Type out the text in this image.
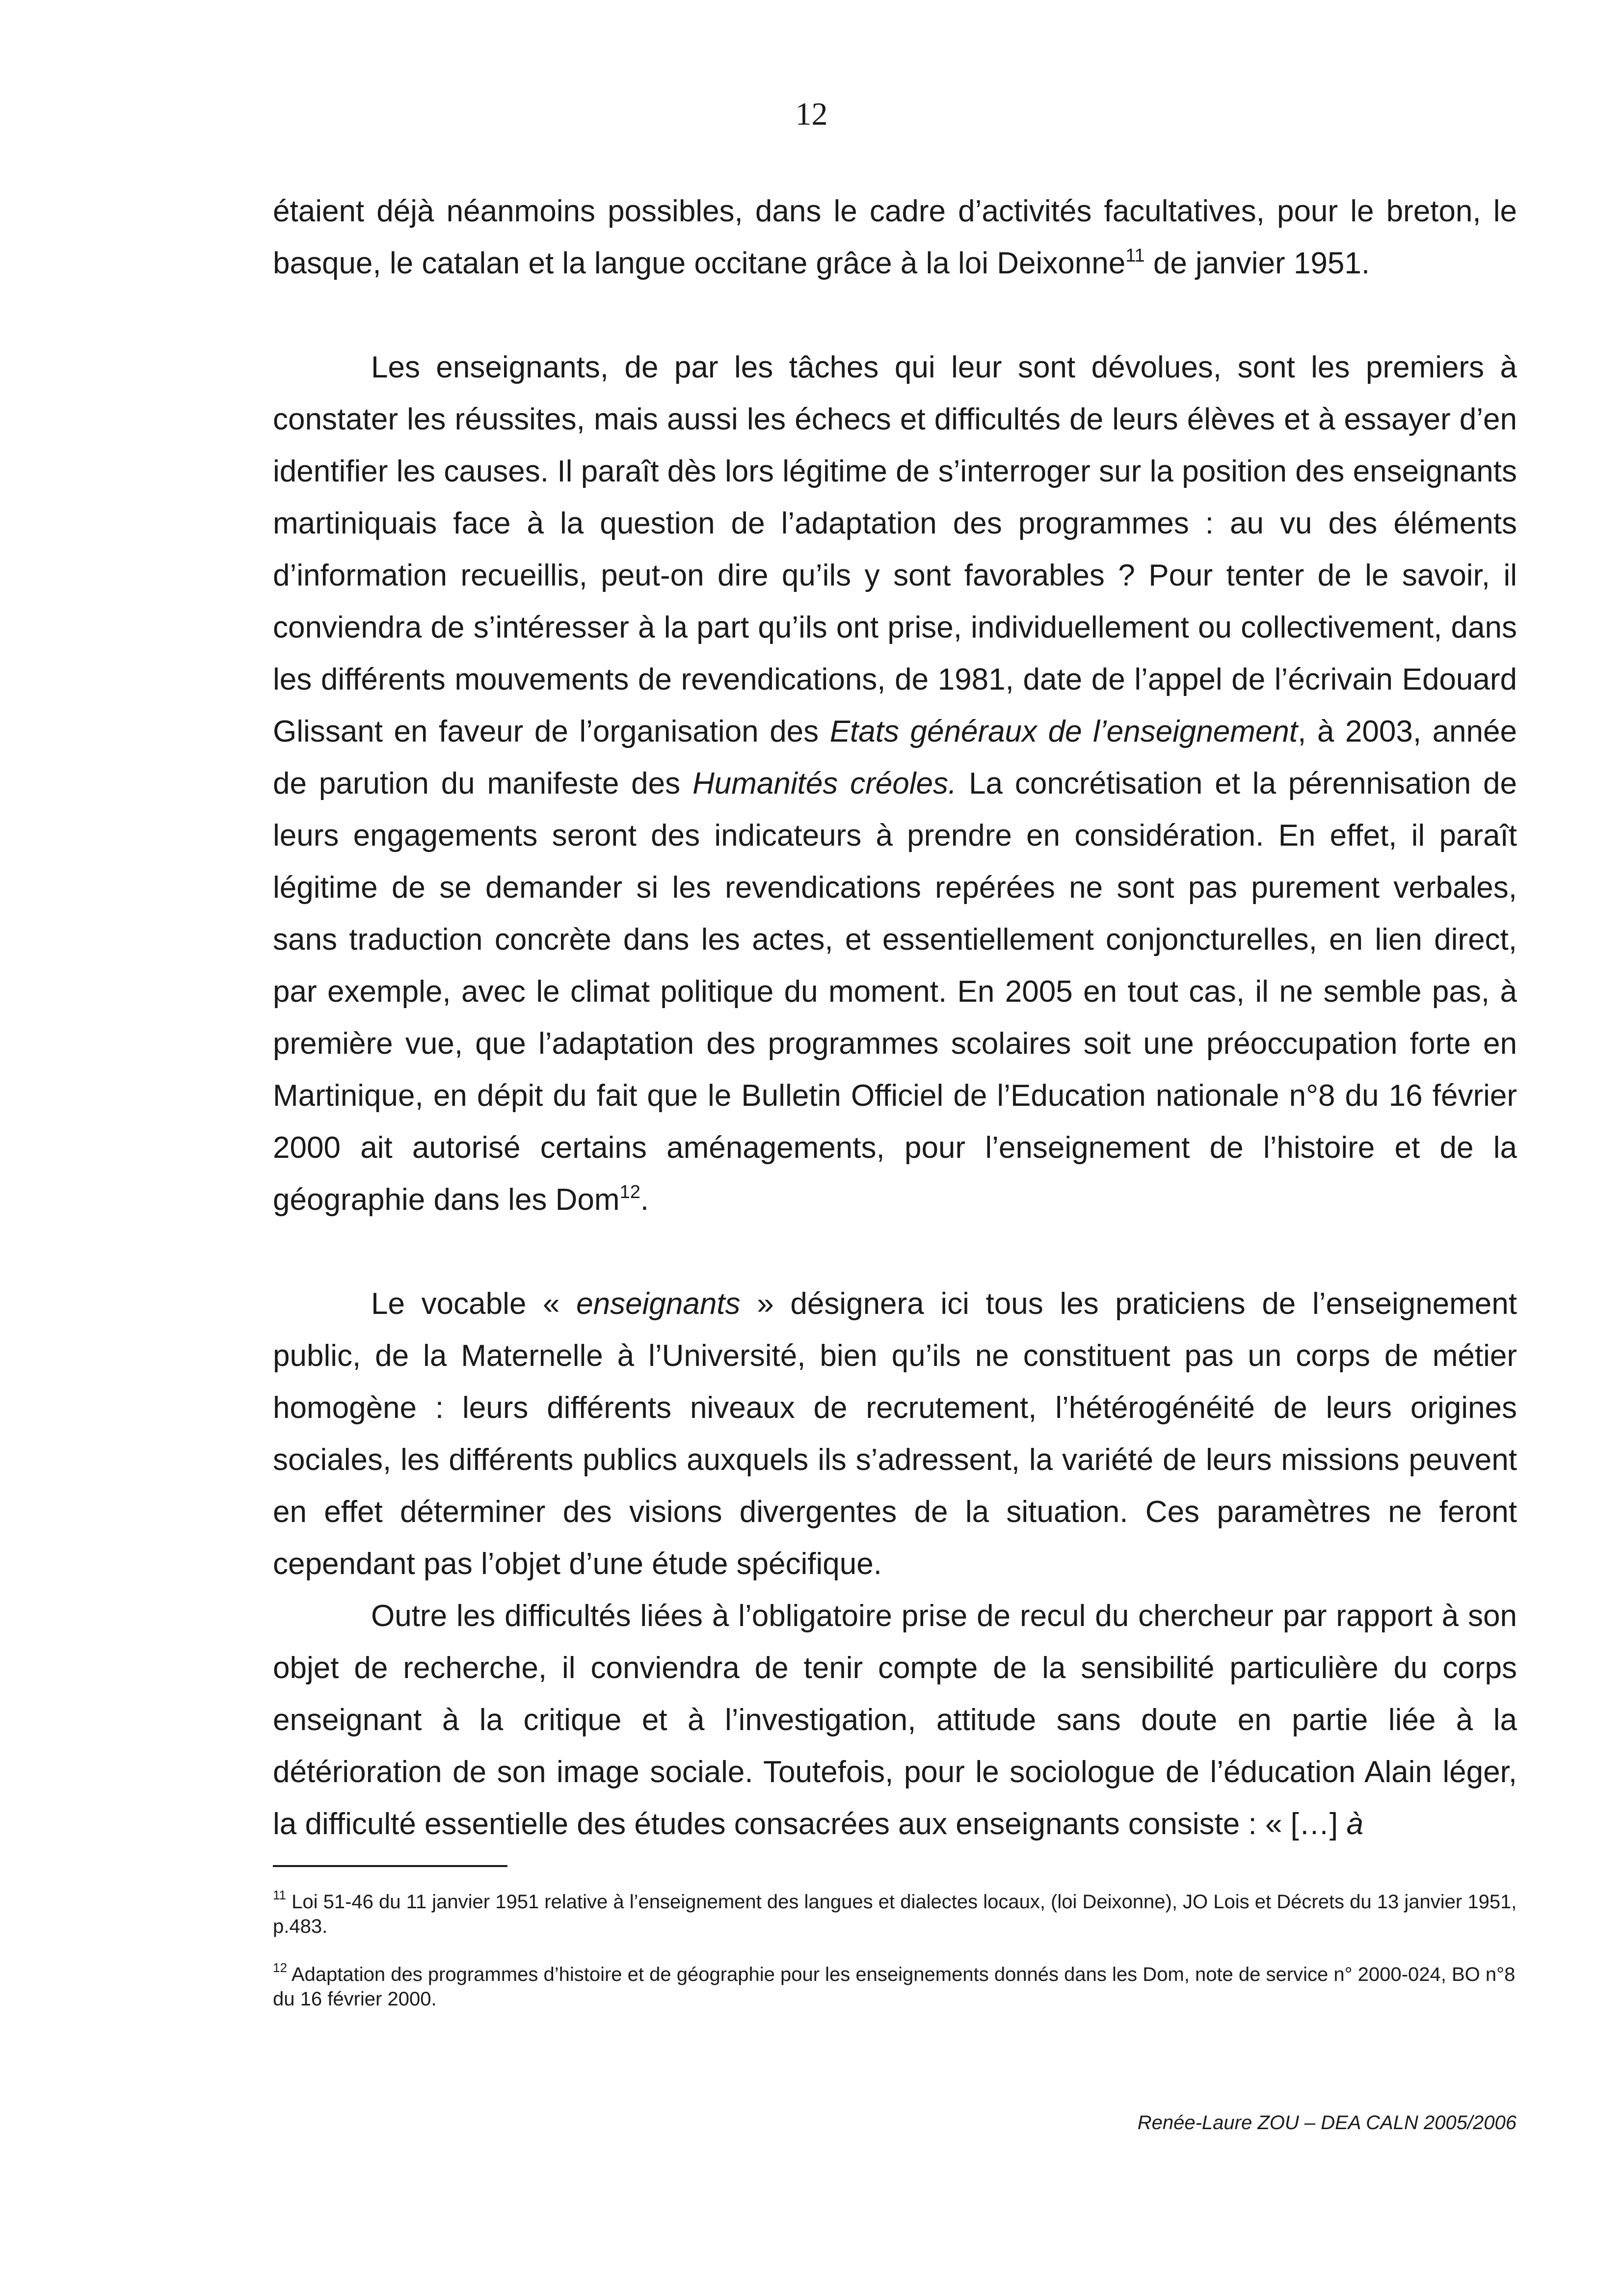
12

étaient déjà néanmoins possibles, dans le cadre d’activités facultatives, pour le breton, le basque, le catalan et la langue occitane grâce à la loi Deixonne$^{11}$ de janvier 1951.

Les enseignants, de par les tâches qui leur sont dévolues, sont les premiers à constater les réussites, mais aussi les échecs et difficultés de leurs élèves et à essayer d’en identifier les causes. Il paraît dès lors légitime de s’interroger sur la position des enseignants martiniquais face à la question de l’adaptation des programmes : au vu des éléments d’information recueillis, peut-on dire qu’ils y sont favorables ? Pour tenter de le savoir, il conviendra de s’intéresser à la part qu’ils ont prise, individuellement ou collectivement, dans les différents mouvements de revendications, de 1981, date de l’appel de l’écrivain Edouard Glissant en faveur de l’organisation des Etats généraux de l’enseignement, à 2003, année de parution du manifeste des Humanités créoles. La concrétisation et la pérennisation de leurs engagements seront des indicateurs à prendre en considération. En effet, il paraît légitime de se demander si les revendications repérées ne sont pas purement verbales, sans traduction concrète dans les actes, et essentiellement conjoncturelles, en lien direct, par exemple, avec le climat politique du moment. En 2005 en tout cas, il ne semble pas, à première vue, que l’adaptation des programmes scolaires soit une préoccupation forte en Martinique, en dépit du fait que le Bulletin Officiel de l’Education nationale n°8 du 16 février 2000 ait autorisé certains aménagements, pour l’enseignement de l’histoire et de la géographie dans les Dom$^{12}$.

Le vocable « enseignants » désignera ici tous les praticiens de l’enseignement public, de la Maternelle à l’Université, bien qu’ils ne constituent pas un corps de métier homogène : leurs différents niveaux de recrutement, l’hétérogénéité de leurs origines sociales, les différents publics auxquels ils s’adressent, la variété de leurs missions peuvent en effet déterminer des visions divergentes de la situation. Ces paramètres ne feront cependant pas l’objet d’une étude spécifique.

Outre les difficultés liées à l’obligatoire prise de recul du chercheur par rapport à son objet de recherche, il conviendra de tenir compte de la sensibilité particulière du corps enseignant à la critique et à l’investigation, attitude sans doute en partie liée à la détérioration de son image sociale. Toutefois, pour le sociologue de l’éducation Alain léger, la difficulté essentielle des études consacrées aux enseignants consiste : « […] à

$^{11}$ Loi 51-46 du 11 janvier 1951 relative à l’enseignement des langues et dialectes locaux, (loi Deixonne), JO Lois et Décrets du 13 janvier 1951, p.483.

$^{12}$ Adaptation des programmes d’histoire et de géographie pour les enseignements donnés dans les Dom, note de service n° 2000-024, BO n°8 du 16 février 2000.

Renée-Laure ZOU – DEA CALN 2005/2006
